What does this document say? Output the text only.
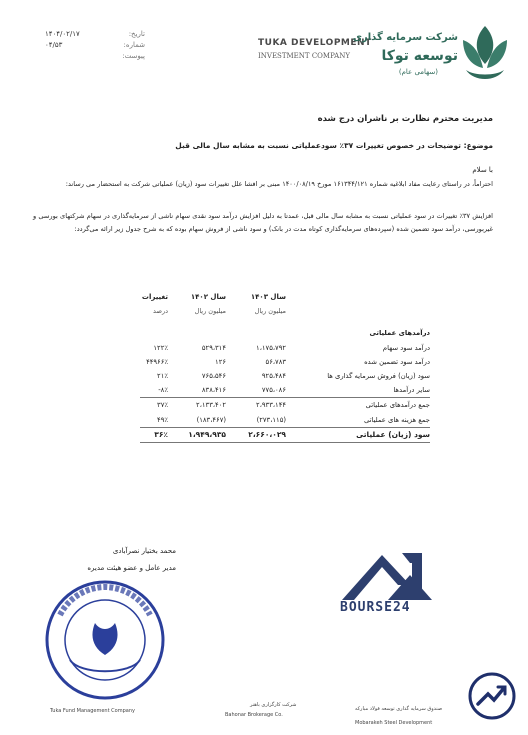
تاریخ:
۱۴۰۴/۰۲/۱۷
شماره:
۰۴/۵۳
پیوست:
TUKA DEVELOPMENT
INVESTMENT COMPANY
شرکت سرمایه گذاری
توسعه توکا
(سهامی عام)
مدیریت محترم نظارت بر ناشران درج شده
موضوع: توضیحات در خصوص تغییرات ۳۷٪ سودعملیاتی نسبت به مشابه سال مالی قبل
با سلام
احتراماً، در راستای رعایت مفاد ابلاغیه شماره ۱۶۱۳۴۴/۱۲۱ مورخ ۱۴۰۰/۰۸/۱۹ مبنی بر افشا علل تغییرات سود (زیان) عملیاتی شرکت به استحضار می رساند:
افزایش ۳۷٪ تغییرات در سود عملیاتی نسبت به مشابه سال مالی قبل، عمدتا به دلیل افزایش درآمد سود نقدی سهام ناشی از سرمایه‌گذاری در سهام شرکتهای بورسی و غیربورسی، درآمد سود تضمین شده (سپرده‌های سرمایه‌گذاری کوتاه مدت در بانک) و سود ناشی از فروش سهام بوده که به شرح جدول زیر ارائه می‌گردد:
سال ۱۴۰۳
سال ۱۴۰۲
تغییرات
میلیون ریال
میلیون ریال
درصد
درآمدهای عملیاتی
درآمد سود سهام
۱،۱۷۵،۷۹۲
۵۲۹،۳۱۴
۱۲۲٪
درآمد سود تضمین شده
۵۶،۷۸۳
۱۲۶
۴۴۹۶۶٪
سود (زیان) فروش سرمایه گذاری ها
۹۲۵،۴۸۴
۷۶۵،۵۴۶
۲۱٪
سایر درآمدها
۷۷۵،۰۸۶
۸۳۸،۴۱۶
-۸٪
جمع درآمدهای عملیاتی
۲،۹۳۳،۱۴۴
۲،۱۳۳،۴۰۲
۳۷٪
جمع هزینه های عملیاتی
(۲۷۳،۱۱۵)
(۱۸۳،۴۶۷)
۴۹٪
سود (زیان) عملیاتی
۲،۶۶۰،۰۲۹
۱،۹۴۹،۹۳۵
۳۶٪
محمد بختیار نصرآبادی
مدیر عامل و عضو هیئت مدیره
BOURSE24
Tuka Fund Management Company
شرکت کارگزاری باهنر
Bahonar Brokerage Co.
Mobarakeh Steel Development
صندوق سرمایه گذاری توسعه فولاد مبارکه
